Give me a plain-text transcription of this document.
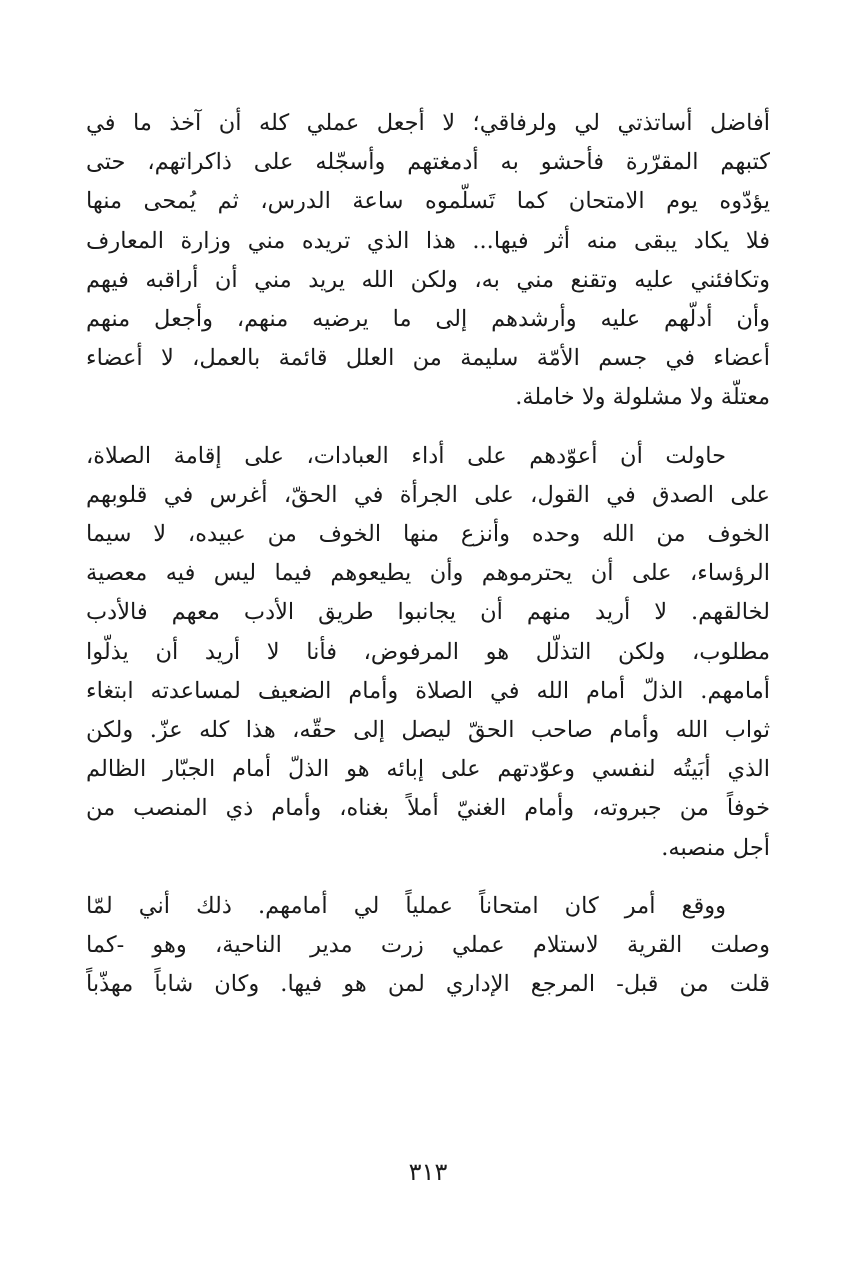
أفاضل أساتذتي لي ولرفاقي؛ لا أجعل عملي كله أن آخذ ما في
كتبهم المقرّرة فأحشو به أدمغتهم وأسجّله على ذاكراتهم، حتى
يؤدّوه يوم الامتحان كما تَسلّموه ساعة الدرس، ثم يُمحى منها
فلا يكاد يبقى منه أثر فيها... هذا الذي تريده مني وزارة المعارف
وتكافئني عليه وتقنع مني به، ولكن الله يريد مني أن أراقبه فيهم
وأن أدلّهم عليه وأرشدهم إلى ما يرضيه منهم، وأجعل منهم
أعضاء في جسم الأمّة سليمة من العلل قائمة بالعمل، لا أعضاء
معتلّة ولا مشلولة ولا خاملة.

حاولت أن أعوّدهم على أداء العبادات، على إقامة الصلاة،
على الصدق في القول، على الجرأة في الحقّ، أغرس في قلوبهم
الخوف من الله وحده وأنزع منها الخوف من عبيده، لا سيما
الرؤساء، على أن يحترموهم وأن يطيعوهم فيما ليس فيه معصية
لخالقهم. لا أريد منهم أن يجانبوا طريق الأدب معهم فالأدب
مطلوب، ولكن التذلّل هو المرفوض، فأنا لا أريد أن يذلّوا
أمامهم. الذلّ أمام الله في الصلاة وأمام الضعيف لمساعدته ابتغاء
ثواب الله وأمام صاحب الحقّ ليصل إلى حقّه، هذا كله عزّ. ولكن
الذي أبَيتُه لنفسي وعوّدتهم على إبائه هو الذلّ أمام الجبّار الظالم
خوفاً من جبروته، وأمام الغنيّ أملاً بغناه، وأمام ذي المنصب من
أجل منصبه.

ووقع أمر كان امتحاناً عملياً لي أمامهم. ذلك أني لمّا
وصلت القرية لاستلام عملي زرت مدير الناحية، وهو -كما
قلت من قبل- المرجع الإداري لمن هو فيها. وكان شاباً مهذّباً

٣١٣
